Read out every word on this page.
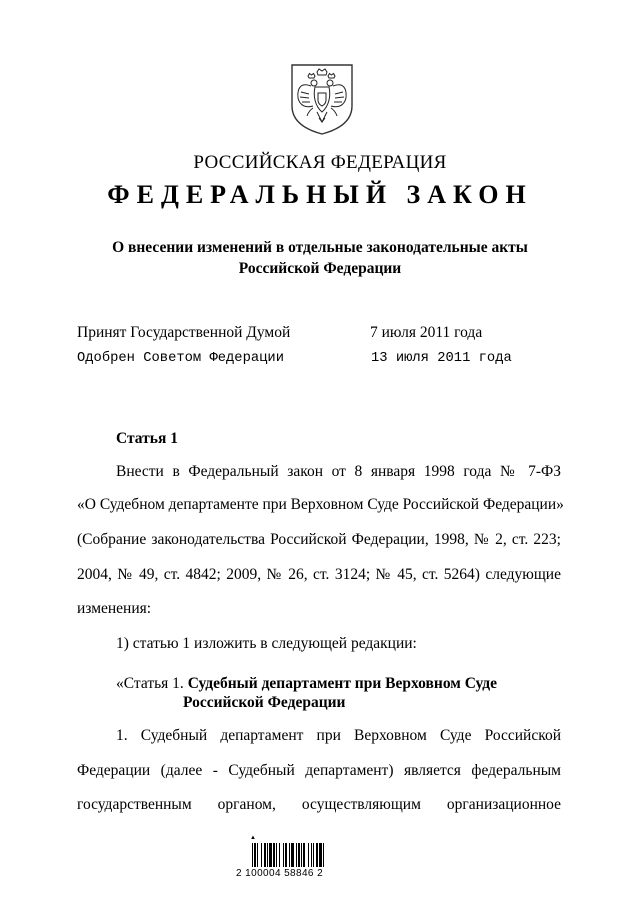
РОССИЙСКАЯ ФЕДЕРАЦИЯ
ФЕДЕРАЛЬНЫЙ ЗАКОН
О внесении изменений в отдельные законодательные акты
Российской Федерации
Принят Государственной Думой	7 июля 2011 года
Одобрен Советом Федерации	13 июля 2011 года
Статья 1
Внести в Федеральный закон от 8 января 1998 года № 7-ФЗ
«О Судебном департаменте при Верховном Суде Российской Федерации»
(Собрание законодательства Российской Федерации, 1998, № 2, ст. 223;
2004, № 49, ст. 4842; 2009, № 26, ст. 3124; № 45, ст. 5264) следующие
изменения:
1) статью 1 изложить в следующей редакции:
«Статья 1. Судебный департамент при Верховном Суде
Российской Федерации
1. Судебный департамент при Верховном Суде Российской
Федерации (далее - Судебный департамент) является федеральным
государственным органом, осуществляющим организационное
▲
2 100004 58846 2
